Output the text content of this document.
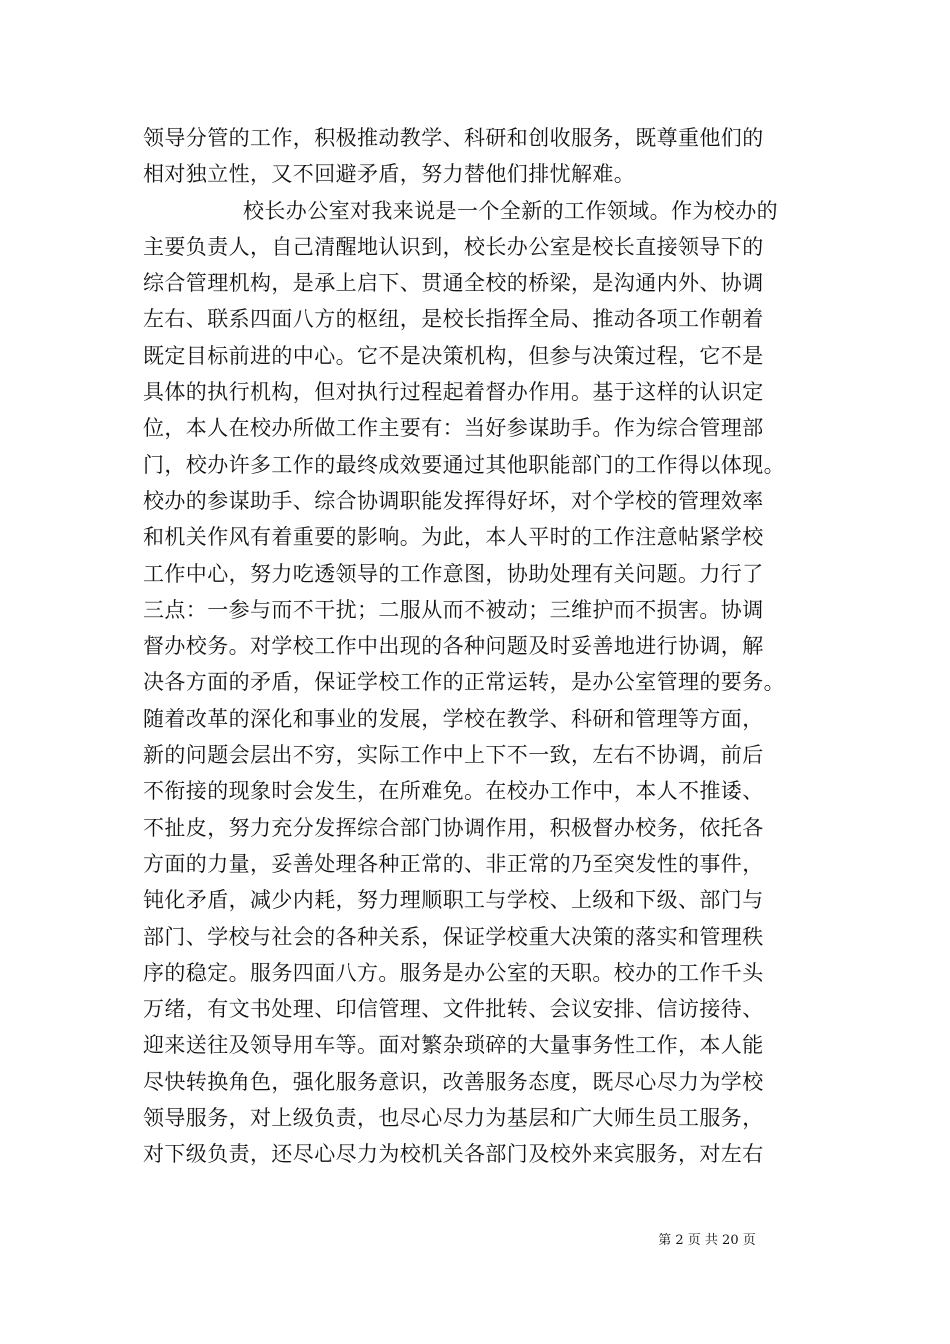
领导分管的工作，积极推动教学、科研和创收服务，既尊重他们的
相对独立性，又不回避矛盾，努力替他们排忧解难。
校长办公室对我来说是一个全新的工作领域。作为校办的
主要负责人，自己清醒地认识到，校长办公室是校长直接领导下的
综合管理机构，是承上启下、贯通全校的桥梁，是沟通内外、协调
左右、联系四面八方的枢纽，是校长指挥全局、推动各项工作朝着
既定目标前进的中心。它不是决策机构，但参与决策过程，它不是
具体的执行机构，但对执行过程起着督办作用。基于这样的认识定
位，本人在校办所做工作主要有：当好参谋助手。作为综合管理部
门，校办许多工作的最终成效要通过其他职能部门的工作得以体现。
校办的参谋助手、综合协调职能发挥得好坏，对个学校的管理效率
和机关作风有着重要的影响。为此，本人平时的工作注意帖紧学校
工作中心，努力吃透领导的工作意图，协助处理有关问题。力行了
三点：一参与而不干扰；二服从而不被动；三维护而不损害。协调
督办校务。对学校工作中出现的各种问题及时妥善地进行协调，解
决各方面的矛盾，保证学校工作的正常运转，是办公室管理的要务。
随着改革的深化和事业的发展，学校在教学、科研和管理等方面，
新的问题会层出不穷，实际工作中上下不一致，左右不协调，前后
不衔接的现象时会发生，在所难免。在校办工作中，本人不推诿、
不扯皮，努力充分发挥综合部门协调作用，积极督办校务，依托各
方面的力量，妥善处理各种正常的、非正常的乃至突发性的事件，
钝化矛盾，减少内耗，努力理顺职工与学校、上级和下级、部门与
部门、学校与社会的各种关系，保证学校重大决策的落实和管理秩
序的稳定。服务四面八方。服务是办公室的天职。校办的工作千头
万绪，有文书处理、印信管理、文件批转、会议安排、信访接待、
迎来送往及领导用车等。面对繁杂琐碎的大量事务性工作，本人能
尽快转换角色，强化服务意识，改善服务态度，既尽心尽力为学校
领导服务，对上级负责，也尽心尽力为基层和广大师生员工服务，
对下级负责，还尽心尽力为校机关各部门及校外来宾服务，对左右
第 2 页 共 20 页
